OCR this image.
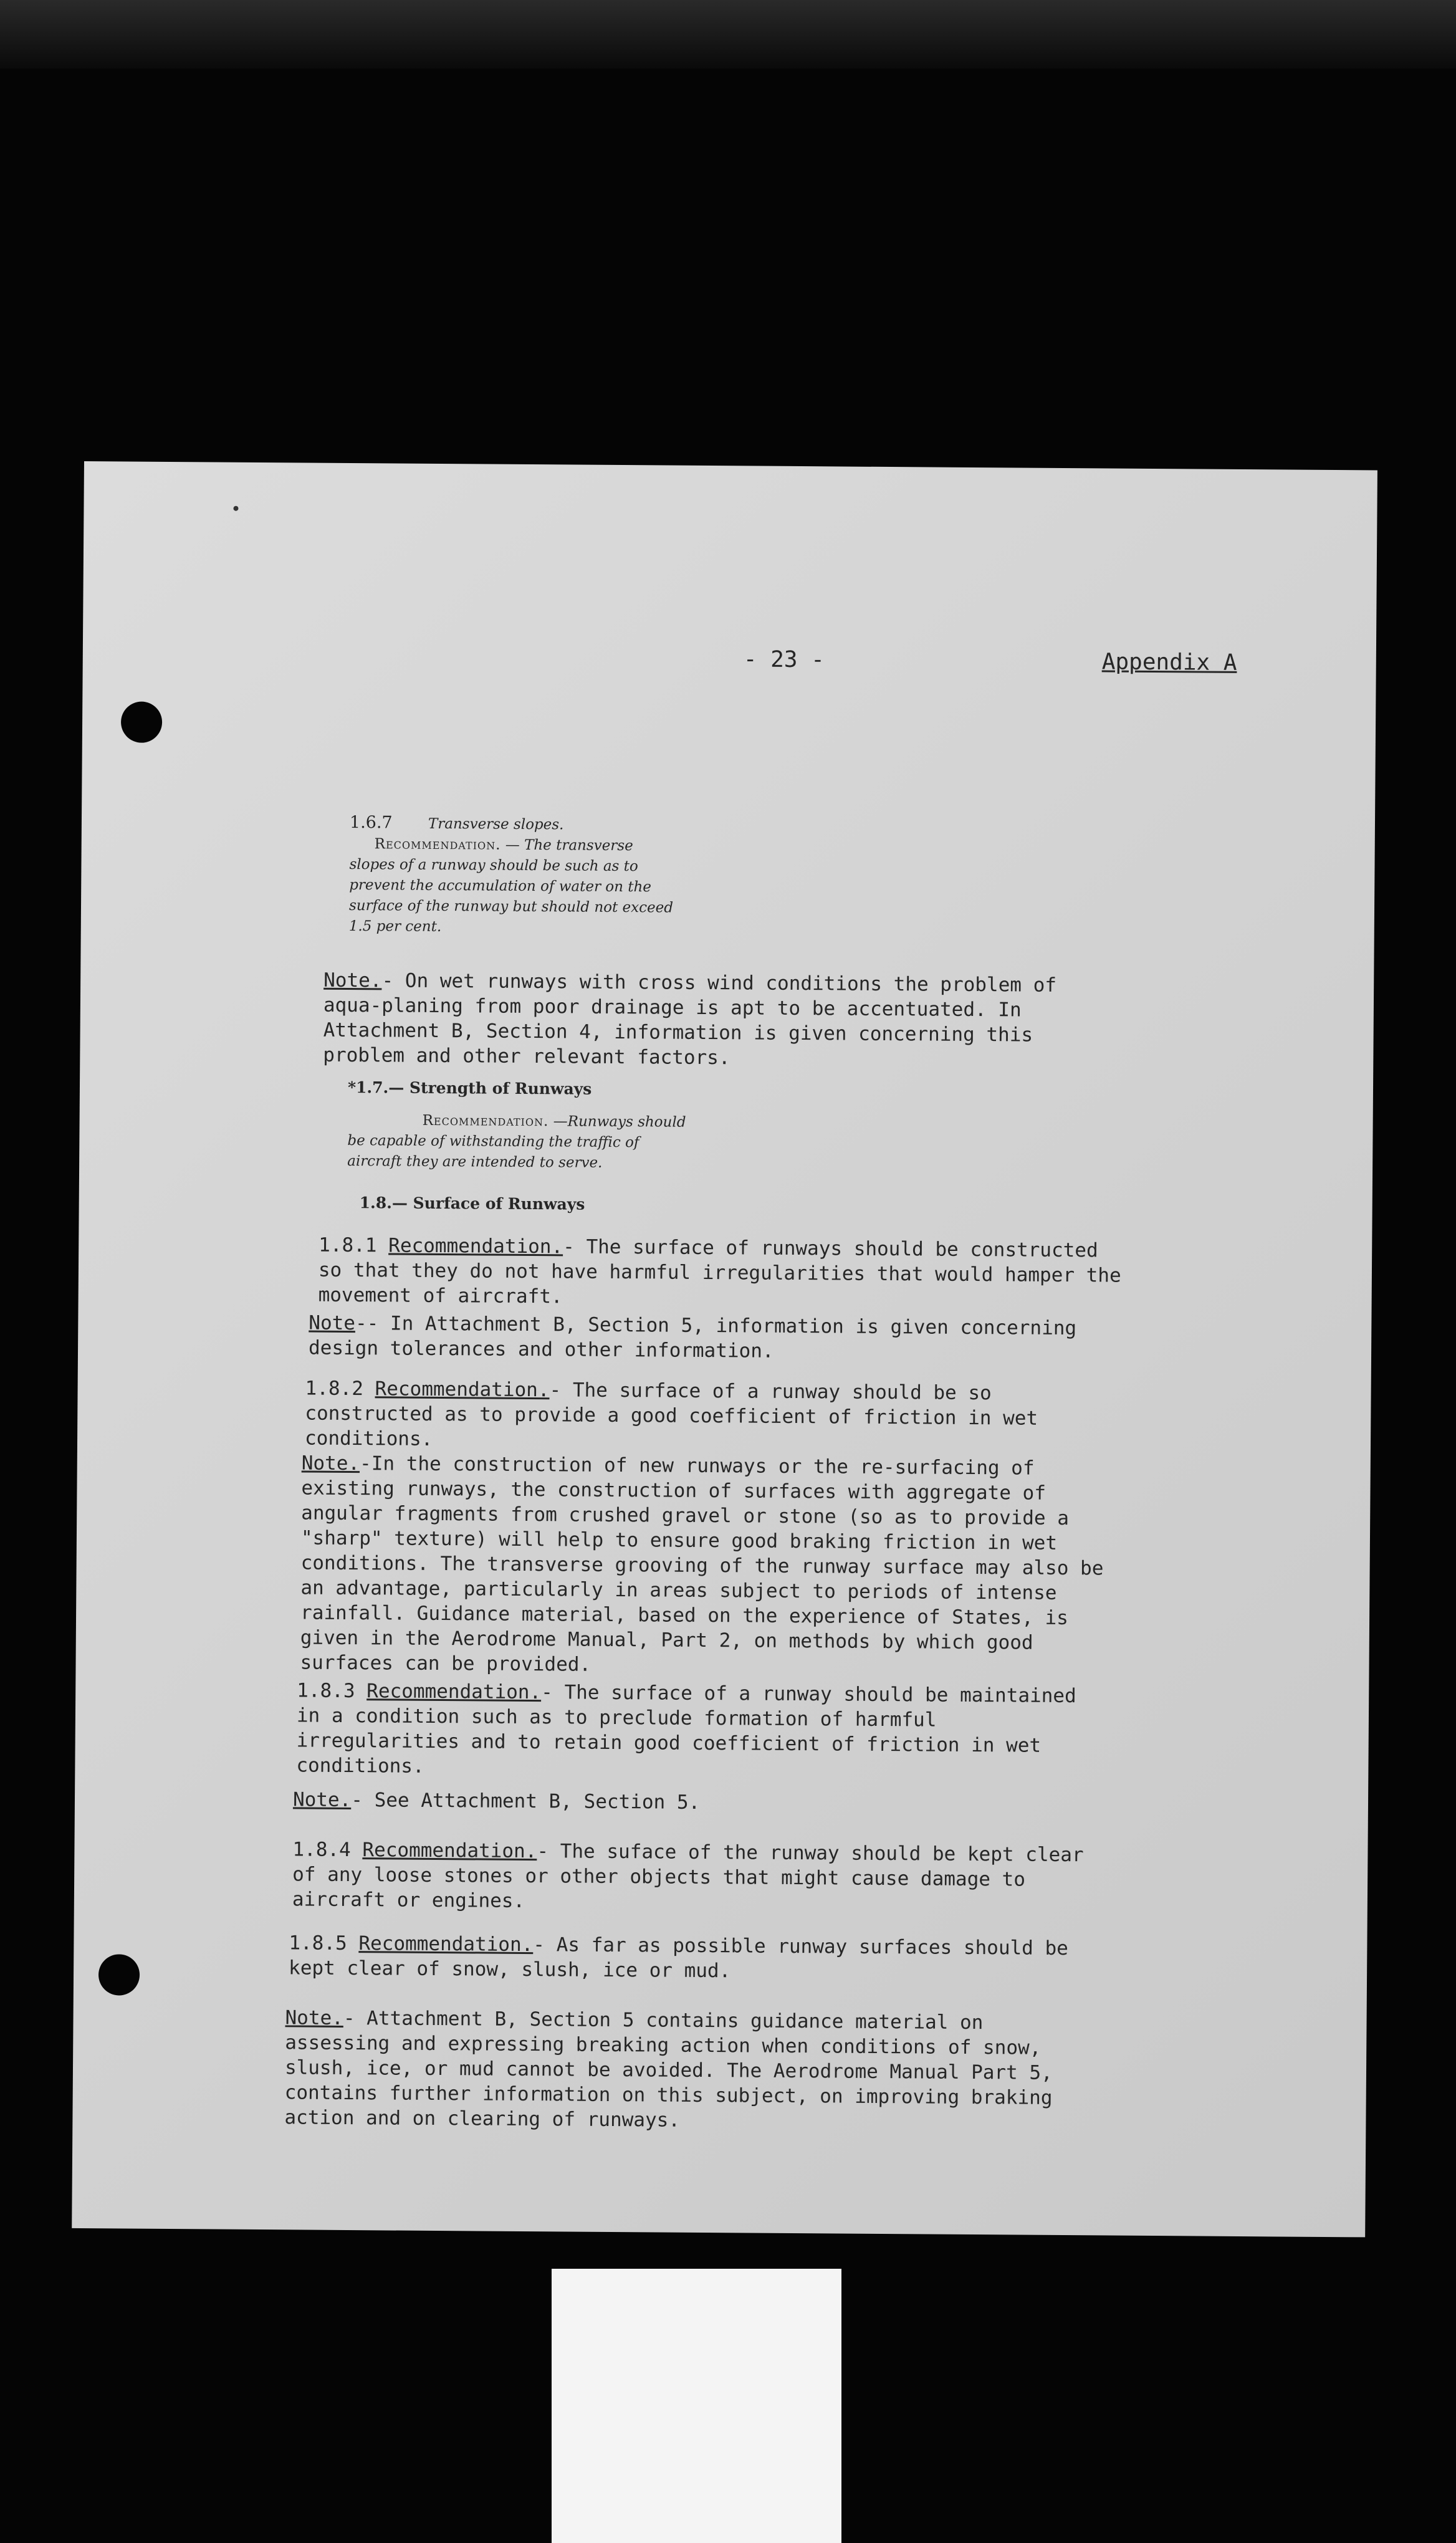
- 23 -	Appendix A
1.6.7 Transverse slopes.
Recommendation. — The transverse slopes of a runway should be such as to prevent the accumulation of water on the surface of the runway but should not exceed 1.5 per cent.
Note.- On wet runways with cross wind conditions the problem of aqua-planing from poor drainage is apt to be accentuated. In Attachment B, Section 4, information is given concerning this problem and other relevant factors.
*1.7.— Strength of Runways
Recommendation. —Runways should be capable of withstanding the traffic of aircraft they are intended to serve.
1.8.— Surface of Runways
1.8.1 Recommendation.- The surface of runways should be constructed so that they do not have harmful irregularities that would hamper the movement of aircraft.
Note-- In Attachment B, Section 5, information is given concerning design tolerances and other information.
1.8.2 Recommendation.- The surface of a runway should be so constructed as to provide a good coefficient of friction in wet conditions.
Note.-In the construction of new runways or the re-surfacing of existing runways, the construction of surfaces with aggregate of angular fragments from crushed gravel or stone (so as to provide a "sharp" texture) will help to ensure good braking friction in wet conditions. The transverse grooving of the runway surface may also be an advantage, particularly in areas subject to periods of intense rainfall. Guidance material, based on the experience of States, is given in the Aerodrome Manual, Part 2, on methods by which good surfaces can be provided.
1.8.3 Recommendation.- The surface of a runway should be maintained in a condition such as to preclude formation of harmful irregularities and to retain good coefficient of friction in wet conditions.
Note.- See Attachment B, Section 5.
1.8.4 Recommendation.- The suface of the runway should be kept clear of any loose stones or other objects that might cause damage to aircraft or engines.
1.8.5 Recommendation.- As far as possible runway surfaces should be kept clear of snow, slush, ice or mud.
Note.- Attachment B, Section 5 contains guidance material on assessing and expressing breaking action when conditions of snow, slush, ice, or mud cannot be avoided. The Aerodrome Manual Part 5, contains further information on this subject, on improving braking action and on clearing of runways.
